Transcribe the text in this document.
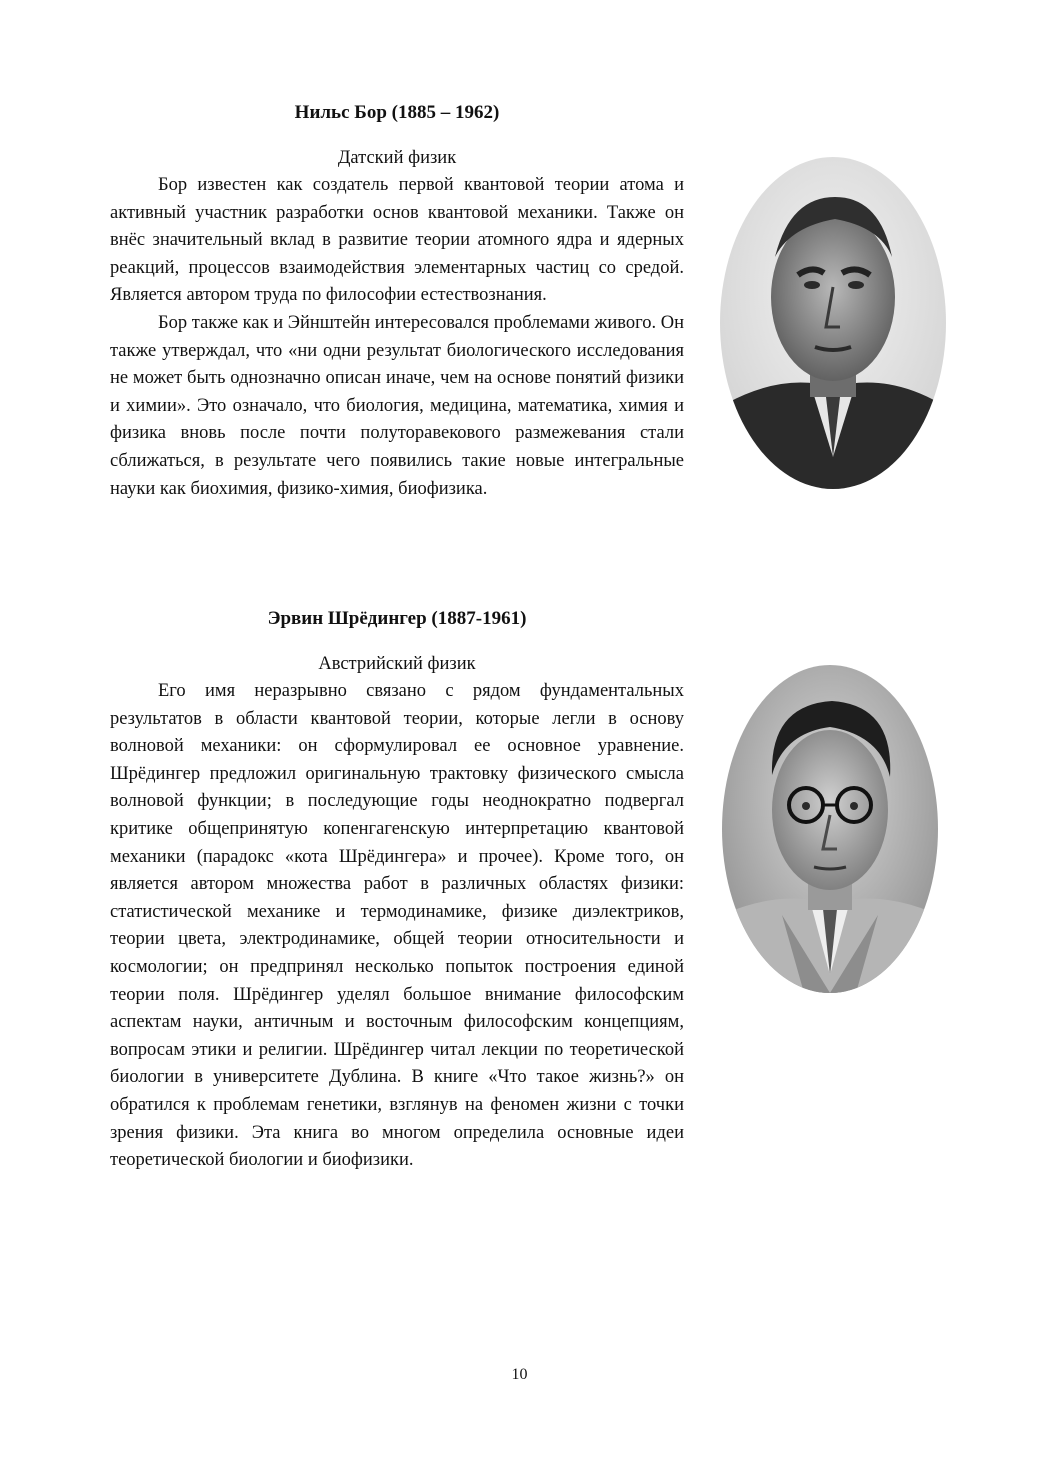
Нильс Бор (1885 – 1962)
Датский физик

Бор известен как создатель первой квантовой теории атома и активный участник разработки основ квантовой механики. Также он внёс значительный вклад в развитие теории атомного ядра и ядерных реакций, процессов взаимодействия элементарных частиц со средой. Является автором труда по философии естествознания.

Бор также как и Эйнштейн интересовался проблемами живого. Он также утверждал, что «ни одни результат биологического исследования не может быть однозначно описан иначе, чем на основе понятий физики и химии». Это означало, что биология, медицина, математика, химия и физика вновь после почти полуторавекового размежевания стали сближаться, в результате чего появились такие новые интегральные науки как биохимия, физико-химия, биофизика.

Эрвин Шрёдингер (1887-1961)
Австрийский физик

Его имя неразрывно связано с рядом фундаментальных результатов в области квантовой теории, которые легли в основу волновой механики: он сформулировал ее основное уравнение. Шрёдингер предложил оригинальную трактовку физического смысла волновой функции; в последующие годы неоднократно подвергал критике общепринятую копенгагенскую интерпретацию квантовой механики (парадокс «кота Шрёдингера» и прочее). Кроме того, он является автором множества работ в различных областях физики: статистической механике и термодинамике, физике диэлектриков, теории цвета, электродинамике, общей теории относительности и космологии; он предпринял несколько попыток построения единой теории поля. Шрёдингер уделял большое внимание философским аспектам науки, античным и восточным философским концепциям, вопросам этики и религии. Шрёдингер читал лекции по теоретической биологии в университете Дублина. В книге «Что такое жизнь?» он обратился к проблемам генетики, взглянув на феномен жизни с точки зрения физики. Эта книга во многом определила основные идеи теоретической биологии и биофизики.

10
